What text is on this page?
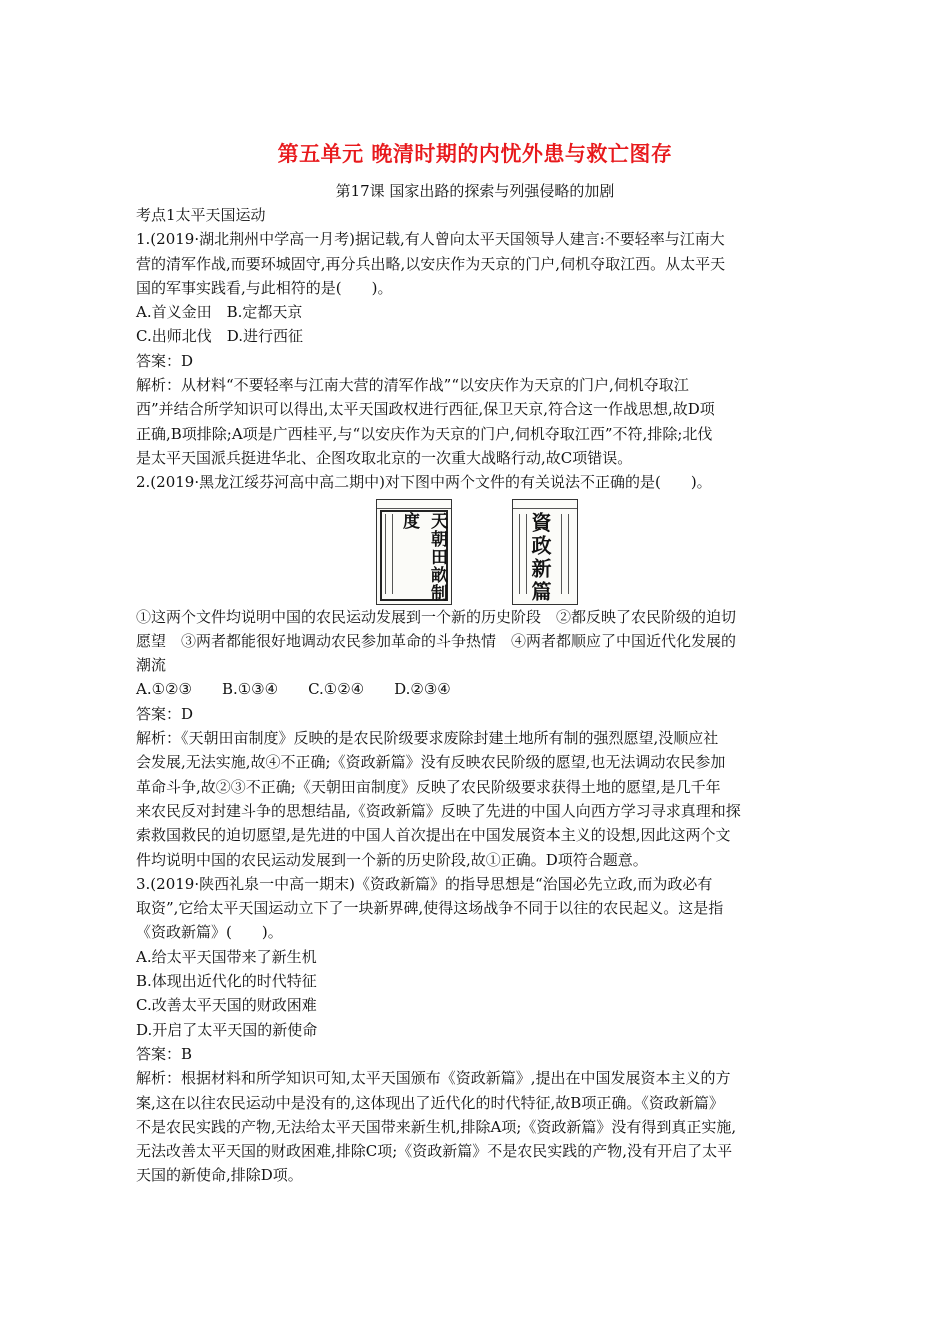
第五单元 晚清时期的内忧外患与救亡图存
第17课 国家出路的探索与列强侵略的加剧

考点1太平天国运动

1.(2019·湖北荆州中学高一月考)据记载,有人曾向太平天国领导人建言:不要轻率与江南大

营的清军作战,而要环城固守,再分兵出略,以安庆作为天京的门户,伺机夺取江西。从太平天

国的军事实践看,与此相符的是(　　)。

A.首义金田　B.定都天京

C.出师北伐　D.进行西征

答案：D

解析：从材料“不要轻率与江南大营的清军作战”“以安庆作为天京的门户,伺机夺取江

西”并结合所学知识可以得出,太平天国政权进行西征,保卫天京,符合这一作战思想,故D项

正确,B项排除;A项是广西桂平,与“以安庆作为天京的门户,伺机夺取江西”不符,排除;北伐

是太平天国派兵挺进华北、企图攻取北京的一次重大战略行动,故C项错误。

2.(2019·黑龙江绥芬河高中高二期中)对下图中两个文件的有关说法不正确的是(　　)。

天朝田畝制度	資政新篇

①这两个文件均说明中国的农民运动发展到一个新的历史阶段　②都反映了农民阶级的迫切

愿望　③两者都能很好地调动农民参加革命的斗争热情　④两者都顺应了中国近代化发展的

潮流

A.①②③　　B.①③④　　C.①②④　　D.②③④

答案：D

解析：《天朝田亩制度》反映的是农民阶级要求废除封建土地所有制的强烈愿望,没顺应社

会发展,无法实施,故④不正确;《资政新篇》没有反映农民阶级的愿望,也无法调动农民参加

革命斗争,故②③不正确;《天朝田亩制度》反映了农民阶级要求获得土地的愿望,是几千年

来农民反对封建斗争的思想结晶,《资政新篇》反映了先进的中国人向西方学习寻求真理和探

索救国救民的迫切愿望,是先进的中国人首次提出在中国发展资本主义的设想,因此这两个文

件均说明中国的农民运动发展到一个新的历史阶段,故①正确。D项符合题意。

3.(2019·陕西礼泉一中高一期末)《资政新篇》的指导思想是“治国必先立政,而为政必有

取资”,它给太平天国运动立下了一块新界碑,使得这场战争不同于以往的农民起义。这是指

《资政新篇》(　　)。

A.给太平天国带来了新生机

B.体现出近代化的时代特征

C.改善太平天国的财政困难

D.开启了太平天国的新使命

答案：B

解析：根据材料和所学知识可知,太平天国颁布《资政新篇》,提出在中国发展资本主义的方

案,这在以往农民运动中是没有的,这体现出了近代化的时代特征,故B项正确。《资政新篇》

不是农民实践的产物,无法给太平天国带来新生机,排除A项;《资政新篇》没有得到真正实施,

无法改善太平天国的财政困难,排除C项;《资政新篇》不是农民实践的产物,没有开启了太平

天国的新使命,排除D项。
